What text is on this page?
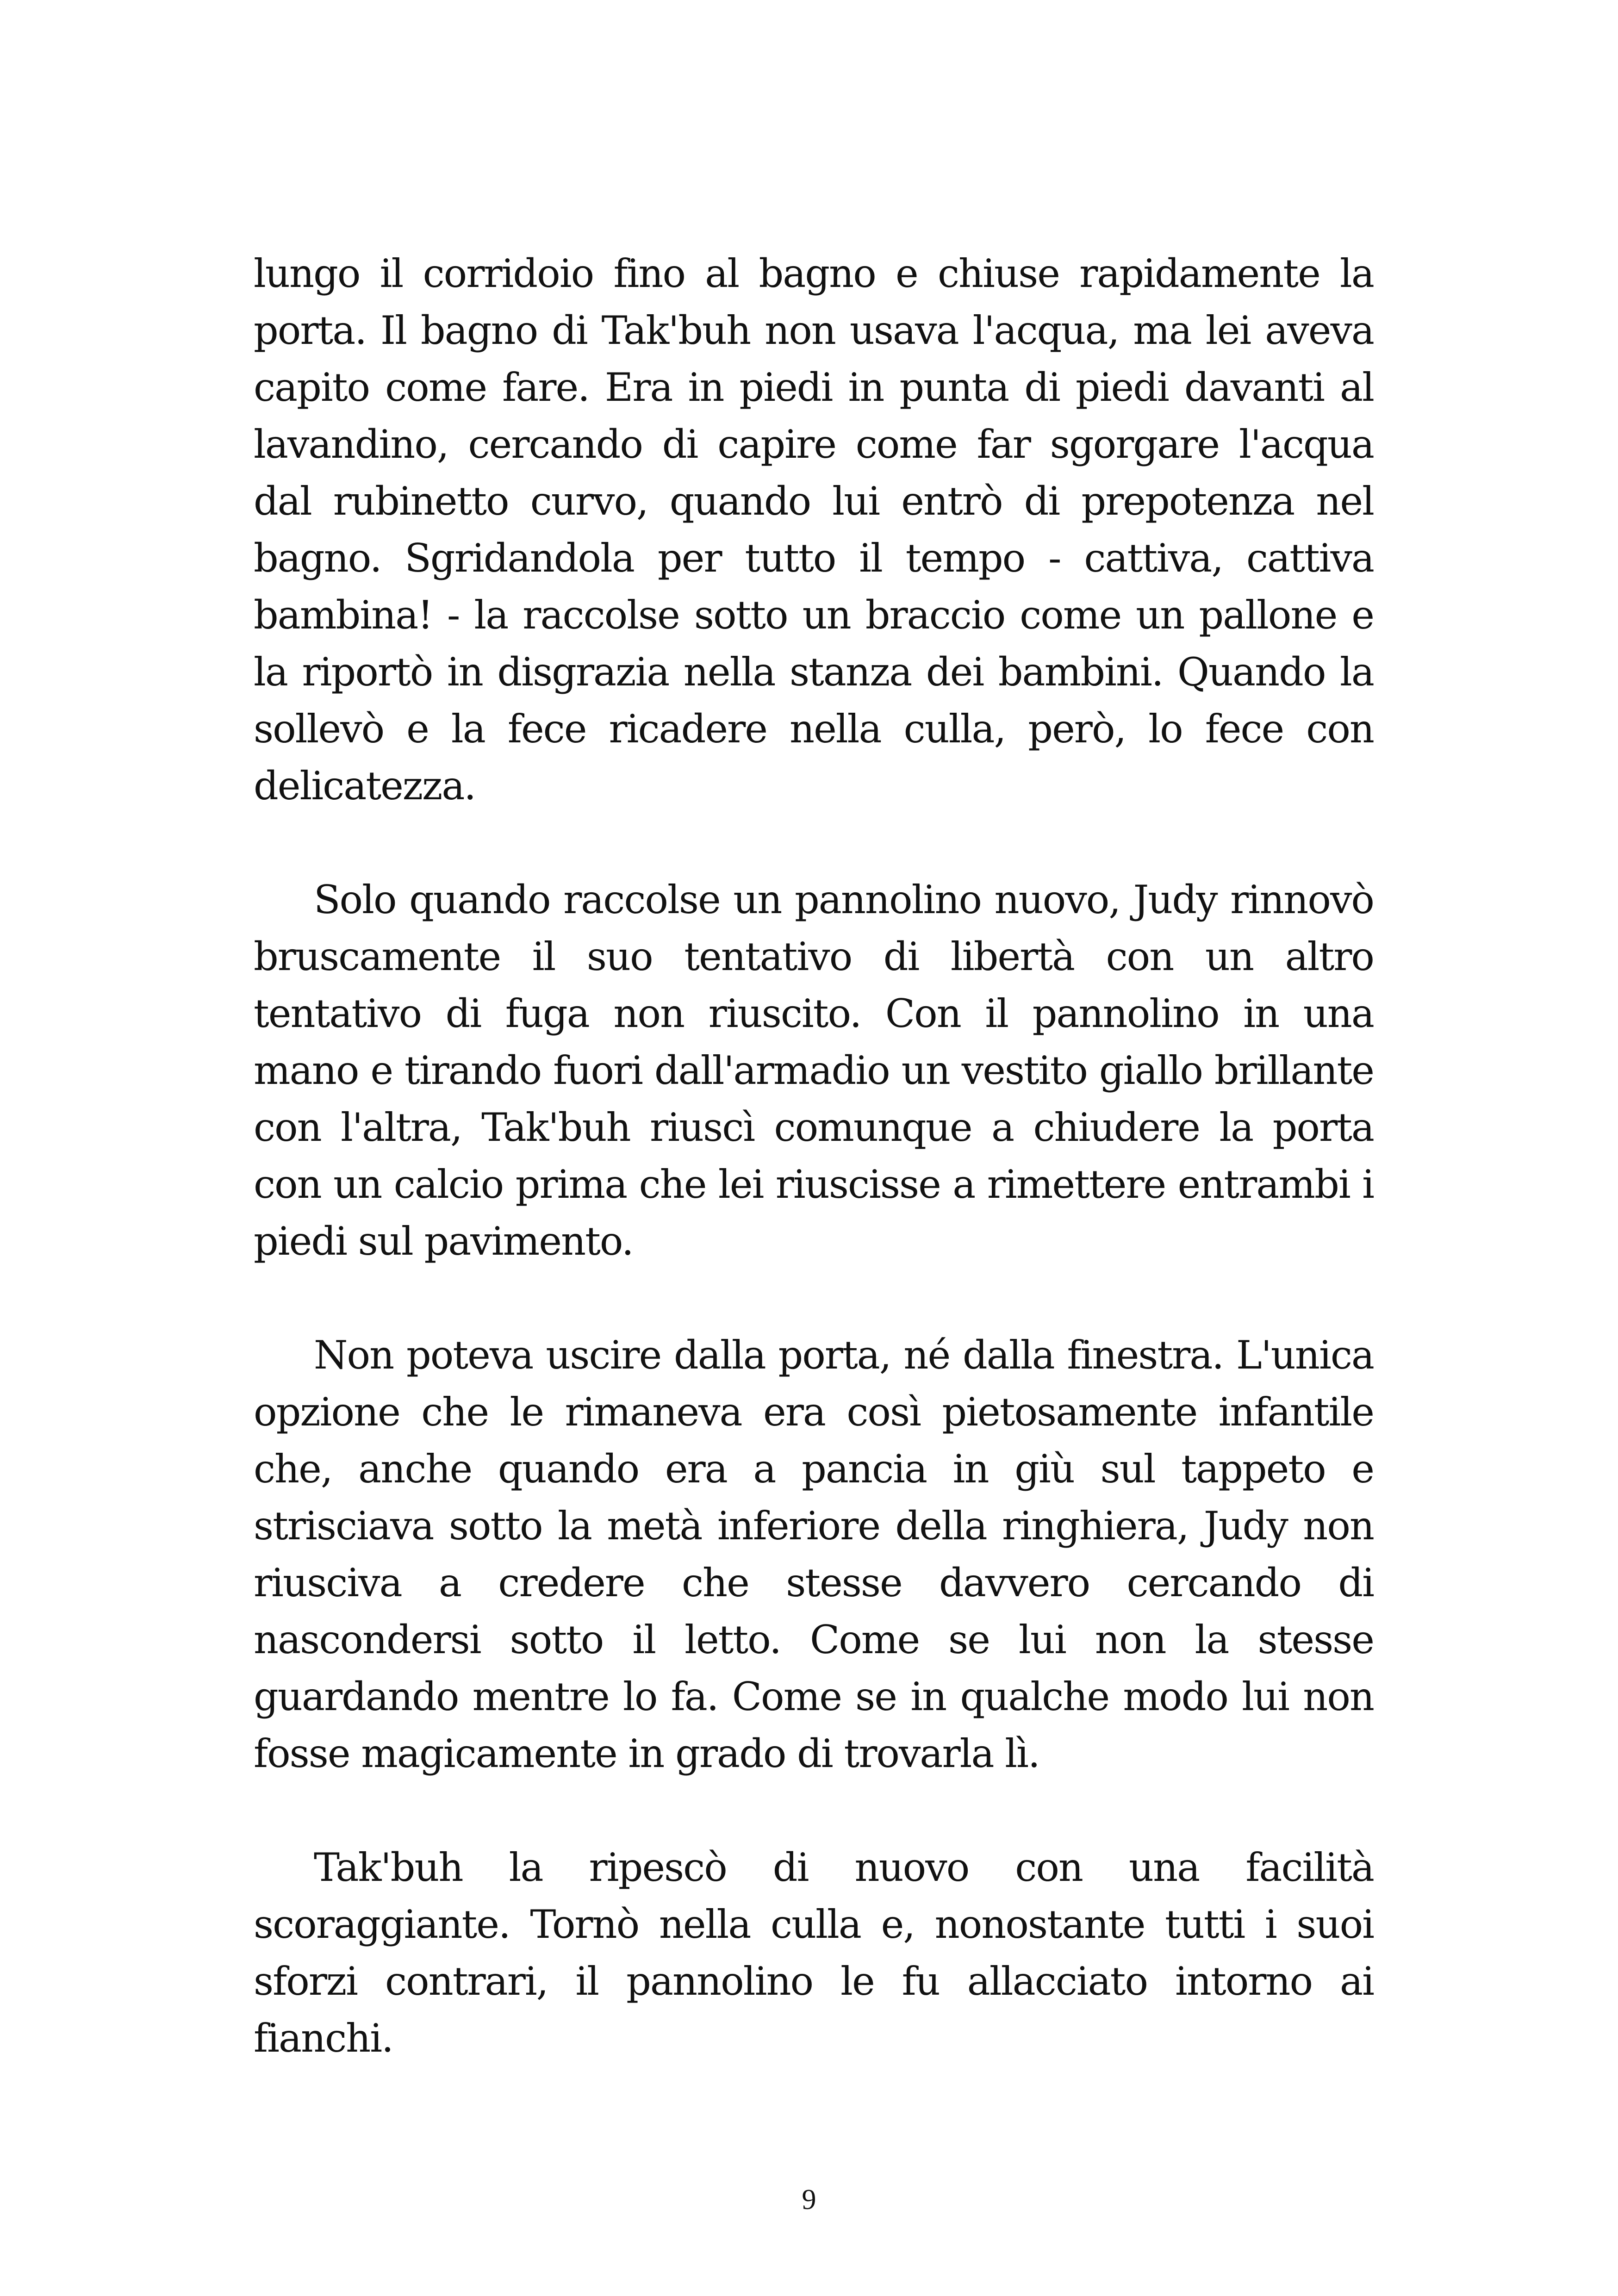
lungo il corridoio fino al bagno e chiuse rapidamente la porta. Il bagno di Tak'buh non usava l'acqua, ma lei aveva capito come fare. Era in piedi in punta di piedi davanti al lavandino, cercando di capire come far sgorgare l'acqua dal rubinetto curvo, quando lui entrò di prepotenza nel bagno. Sgridandola per tutto il tempo - cattiva, cattiva bambina! - la raccolse sotto un braccio come un pallone e la riportò in disgrazia nella stanza dei bambini. Quando la sollevò e la fece ricadere nella culla, però, lo fece con delicatezza.

Solo quando raccolse un pannolino nuovo, Judy rinnovò bruscamente il suo tentativo di libertà con un altro tentativo di fuga non riuscito. Con il pannolino in una mano e tirando fuori dall'armadio un vestito giallo brillante con l'altra, Tak'buh riuscì comunque a chiudere la porta con un calcio prima che lei riuscisse a rimettere entrambi i piedi sul pavimento.

Non poteva uscire dalla porta, né dalla finestra. L'unica opzione che le rimaneva era così pietosamente infantile che, anche quando era a pancia in giù sul tappeto e strisciava sotto la metà inferiore della ringhiera, Judy non riusciva a credere che stesse davvero cercando di nascondersi sotto il letto. Come se lui non la stesse guardando mentre lo fa. Come se in qualche modo lui non fosse magicamente in grado di trovarla lì.

Tak'buh la ripescò di nuovo con una facilità scoraggiante. Tornò nella culla e, nonostante tutti i suoi sforzi contrari, il pannolino le fu allacciato intorno ai fianchi.

9
